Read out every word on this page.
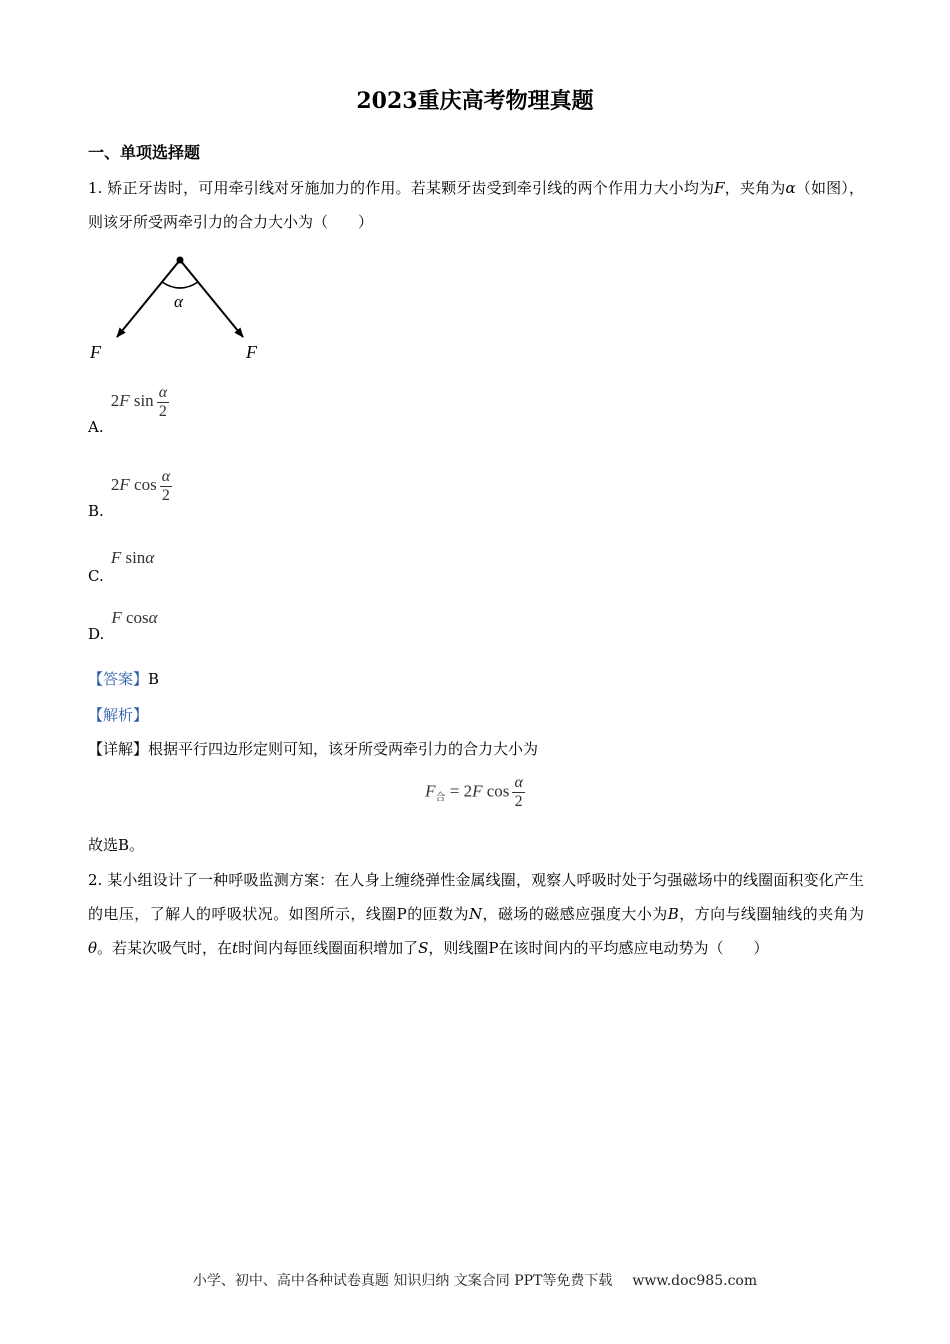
2023重庆高考物理真题
一、单项选择题
1. 矫正牙齿时，可用牵引线对牙施加力的作用。若某颗牙齿受到牵引线的两个作用力大小均为F，夹角为α（如图），则该牙所受两牵引力的合力大小为（　　）
α
F	F
A. 2F $\sin \frac{\alpha}{2}$
B. 2F $\cos \frac{\alpha}{2}$
C. F sinα
D. F cosα
【答案】B
【解析】
【详解】根据平行四边形定则可知，该牙所受两牵引力的合力大小为
$F_合 = 2F$ $\cos \frac{\alpha}{2}$
故选B。
2. 某小组设计了一种呼吸监测方案：在人身上缠绕弹性金属线圈，观察人呼吸时处于匀强磁场中的线圈面积变化产生的电压，了解人的呼吸状况。如图所示，线圈P的匝数为N，磁场的磁感应强度大小为B，方向与线圈轴线的夹角为θ。若某次吸气时，在t时间内每匝线圈面积增加了S，则线圈P在该时间内的平均感应电动势为（　　）
小学、初中、高中各种试卷真题 知识归纳 文案合同 PPT等免费下载 www.doc985.com
